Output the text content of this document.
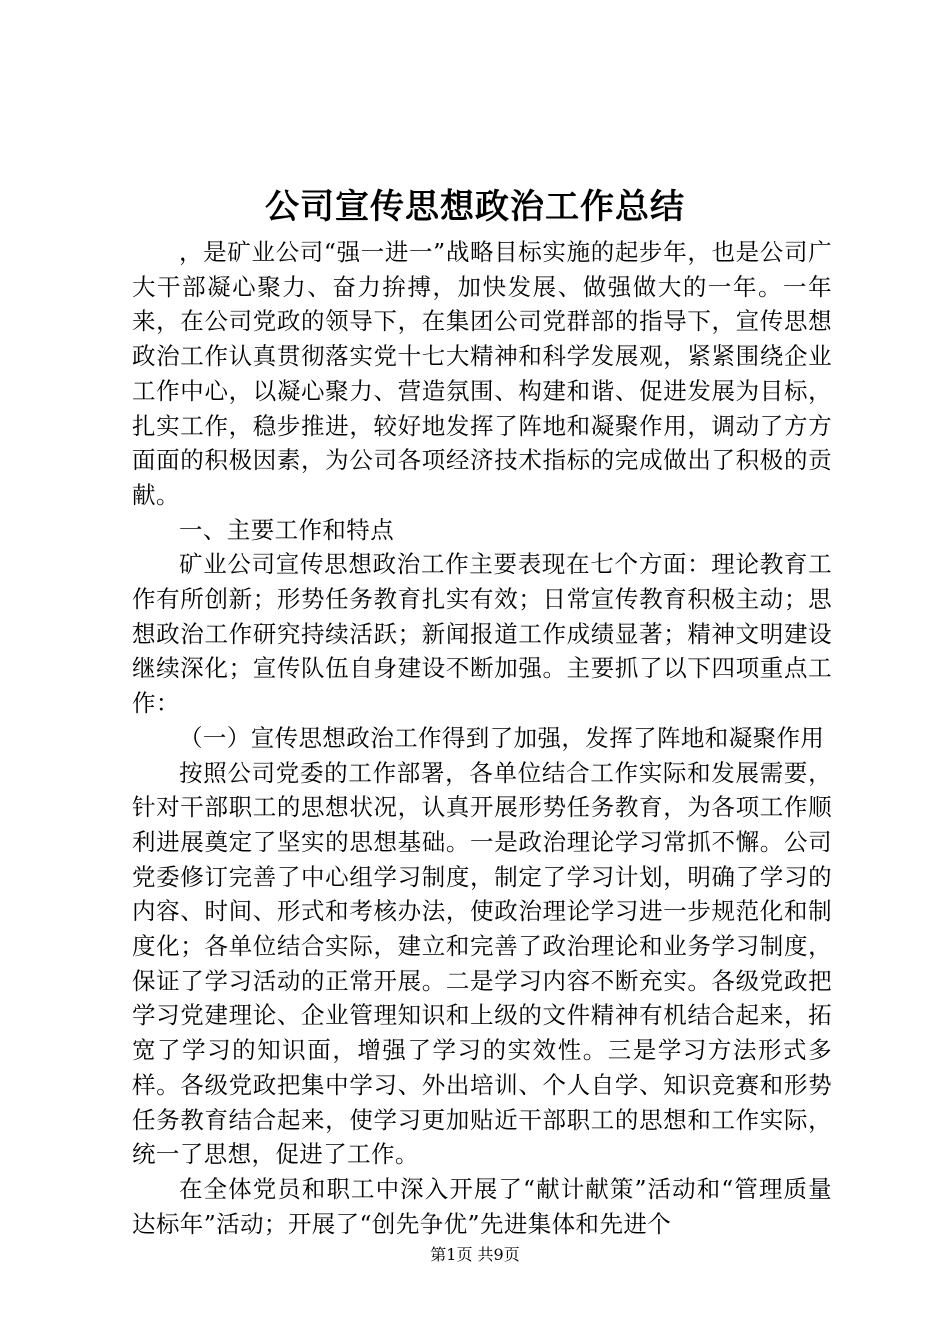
公司宣传思想政治工作总结

，是矿业公司“强一进一”战略目标实施的起步年，也是公司广大干部凝心聚力、奋力拚搏，加快发展、做强做大的一年。一年来，在公司党政的领导下，在集团公司党群部的指导下，宣传思想政治工作认真贯彻落实党十七大精神和科学发展观，紧紧围绕企业工作中心，以凝心聚力、营造氛围、构建和谐、促进发展为目标，扎实工作，稳步推进，较好地发挥了阵地和凝聚作用，调动了方方面面的积极因素，为公司各项经济技术指标的完成做出了积极的贡献。

一、主要工作和特点

矿业公司宣传思想政治工作主要表现在七个方面：理论教育工作有所创新；形势任务教育扎实有效；日常宣传教育积极主动；思想政治工作研究持续活跃；新闻报道工作成绩显著；精神文明建设继续深化；宣传队伍自身建设不断加强。主要抓了以下四项重点工作：

（一）宣传思想政治工作得到了加强，发挥了阵地和凝聚作用

按照公司党委的工作部署，各单位结合工作实际和发展需要，针对干部职工的思想状况，认真开展形势任务教育，为各项工作顺利进展奠定了坚实的思想基础。一是政治理论学习常抓不懈。公司党委修订完善了中心组学习制度，制定了学习计划，明确了学习的内容、时间、形式和考核办法，使政治理论学习进一步规范化和制度化；各单位结合实际，建立和完善了政治理论和业务学习制度，保证了学习活动的正常开展。二是学习内容不断充实。各级党政把学习党建理论、企业管理知识和上级的文件精神有机结合起来，拓宽了学习的知识面，增强了学习的实效性。三是学习方法形式多样。各级党政把集中学习、外出培训、个人自学、知识竞赛和形势任务教育结合起来，使学习更加贴近干部职工的思想和工作实际，统一了思想，促进了工作。

在全体党员和职工中深入开展了“献计献策”活动和“管理质量达标年”活动；开展了“创先争优”先进集体和先进个

第1页 共9页
